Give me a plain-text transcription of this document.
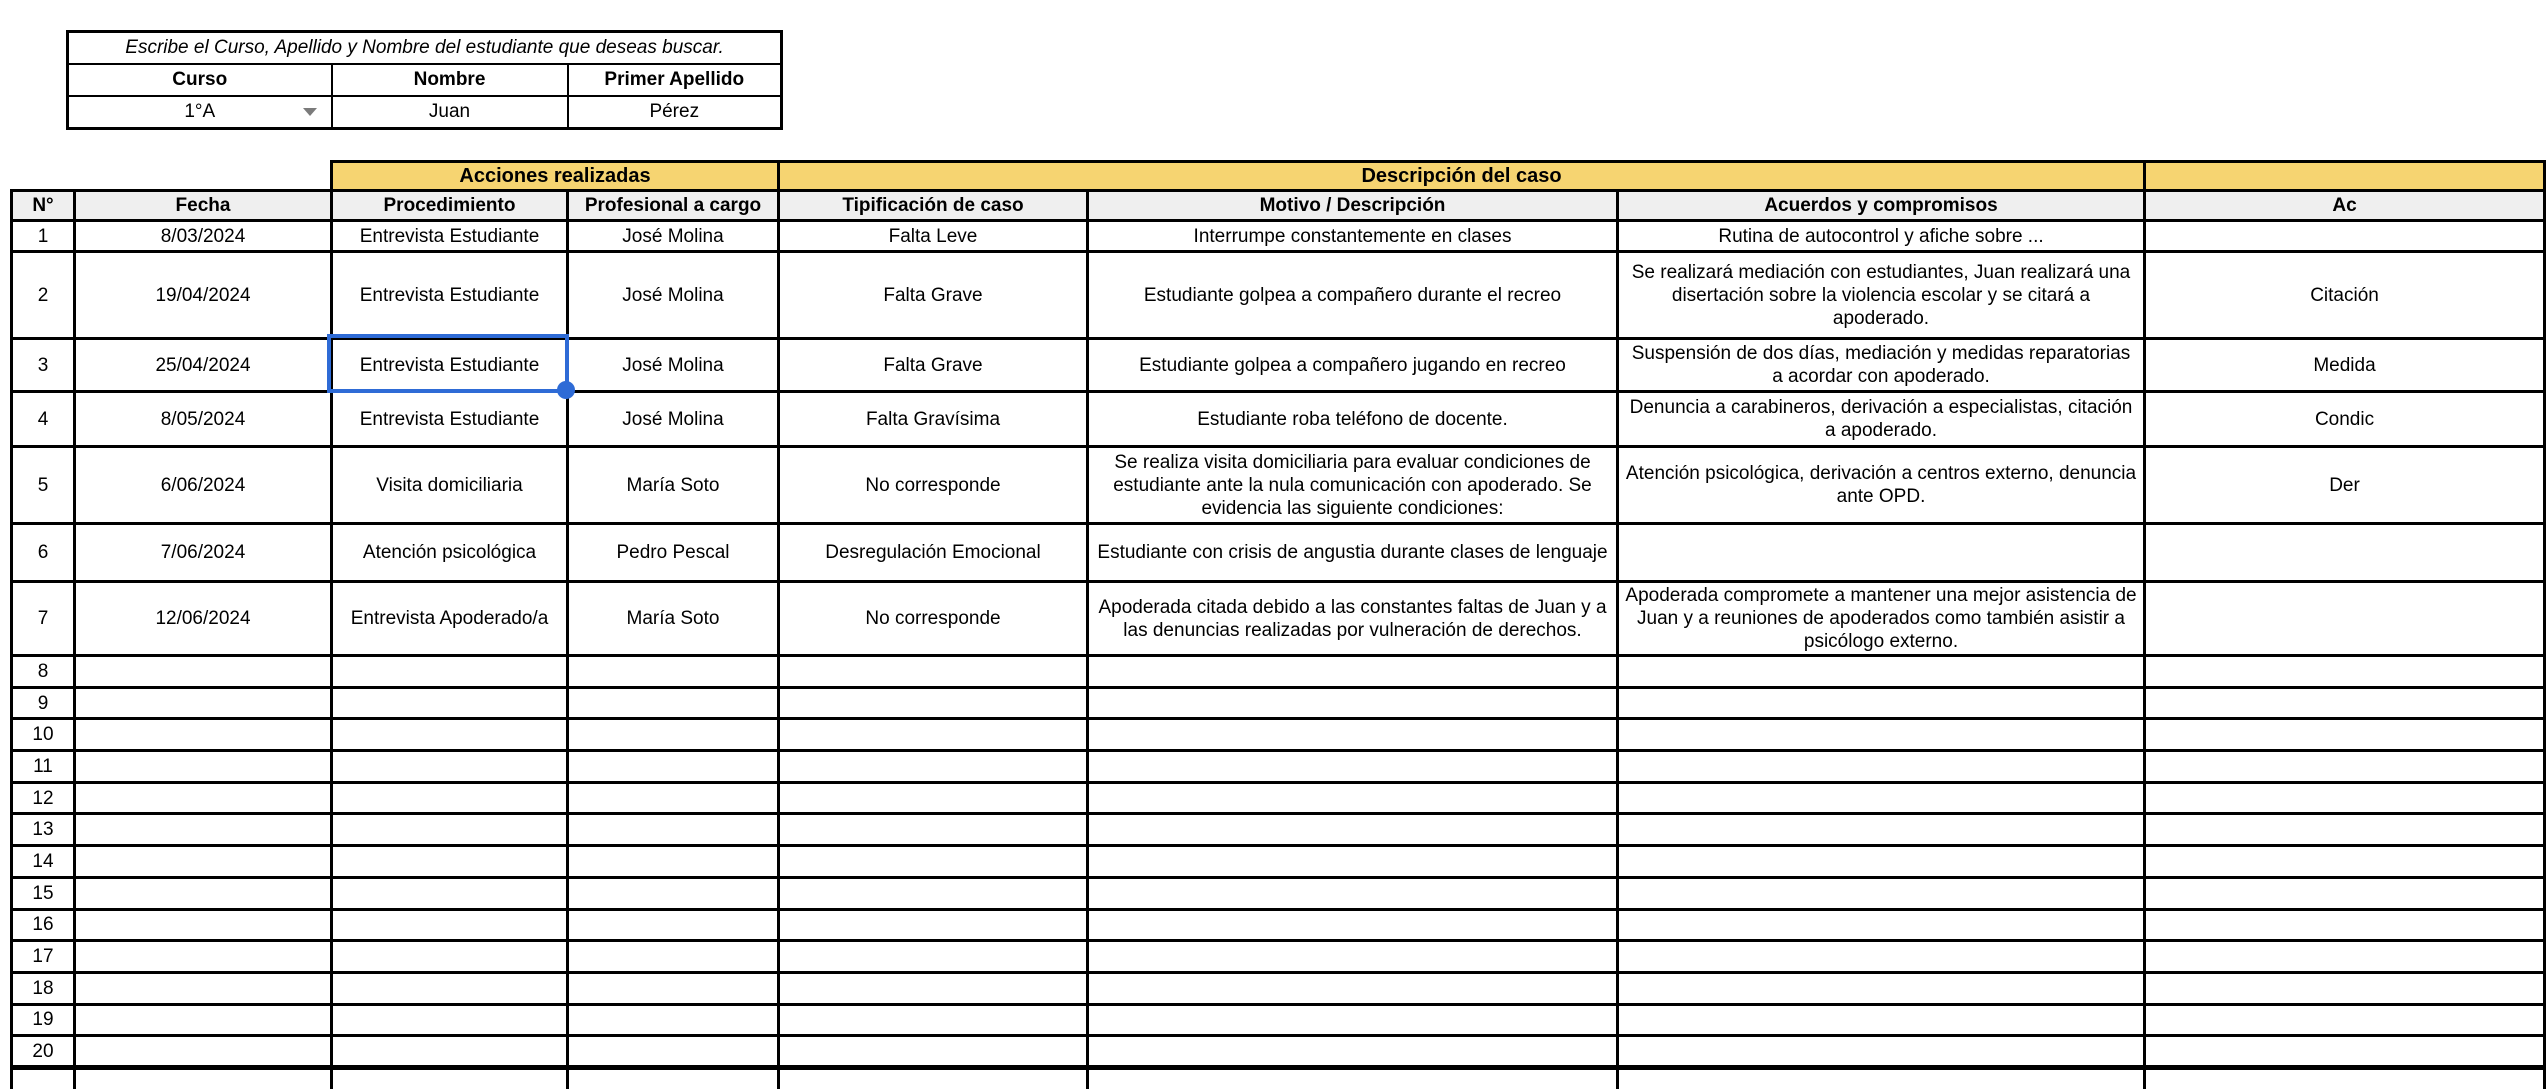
Escribe el Curso, Apellido y Nombre del estudiante que deseas buscar.		
Curso	Nombre	Primer Apellido
1°A	Juan	Pérez
		Acciones realizadas		Descripción del caso			
N°	Fecha	Procedimiento	Profesional a cargo	Tipificación de caso	Motivo / Descripción	Acuerdos y compromisos	Ac
1	8/03/2024	Entrevista Estudiante	José Molina	Falta Leve	Interrumpe constantemente en clases	Rutina de autocontrol y afiche sobre ...	
2	19/04/2024	Entrevista Estudiante	José Molina	Falta Grave	Estudiante golpea a compañero durante el recreo	Se realizará mediación con estudiantes, Juan realizará una disertación sobre la violencia escolar y se citará a apoderado.	Citación
3	25/04/2024	Entrevista Estudiante	José Molina	Falta Grave	Estudiante golpea a compañero jugando en recreo	Suspensión de dos días, mediación y medidas reparatorias a acordar con apoderado.	Medida
4	8/05/2024	Entrevista Estudiante	José Molina	Falta Gravísima	Estudiante roba teléfono de docente.	Denuncia a carabineros, derivación a especialistas, citación a apoderado.	Condic
5	6/06/2024	Visita domiciliaria	María Soto	No corresponde	Se realiza visita domiciliaria para evaluar condiciones de estudiante ante la nula comunicación con apoderado. Se evidencia las siguiente condiciones:	Atención psicológica, derivación a centros externo, denuncia ante OPD.	Der
6	7/06/2024	Atención psicológica	Pedro Pescal	Desregulación Emocional	Estudiante con crisis de angustia durante clases de lenguaje		
7	12/06/2024	Entrevista Apoderado/a	María Soto	No corresponde	Apoderada citada debido a las constantes faltas de Juan y a las denuncias realizadas por vulneración de derechos.	Apoderada compromete a mantener una mejor asistencia de Juan y a reuniones de apoderados como también asistir a psicólogo externo.	
8							
9							
10							
11							
12							
13							
14							
15							
16							
17							
18							
19							
20							
